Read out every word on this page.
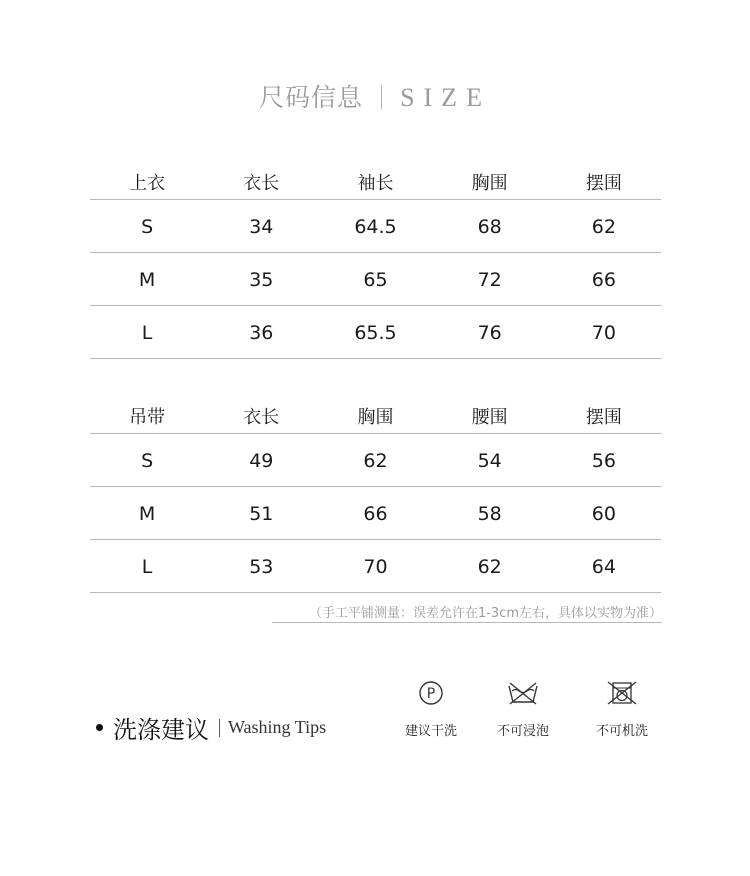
尺码信息 SIZE
上衣	衣长	袖长	胸围	摆围
S	34	64.5	68	62
M	35	65	72	66
L	36	65.5	76	70
吊带	衣长	胸围	腰围	摆围
S	49	62	54	56
M	51	66	58	60
L	53	70	62	64
（手工平铺测量：误差允许在1-3cm左右，具体以实物为准）
洗涤建议 Washing Tips
P
建议干洗	不可浸泡	不可机洗
